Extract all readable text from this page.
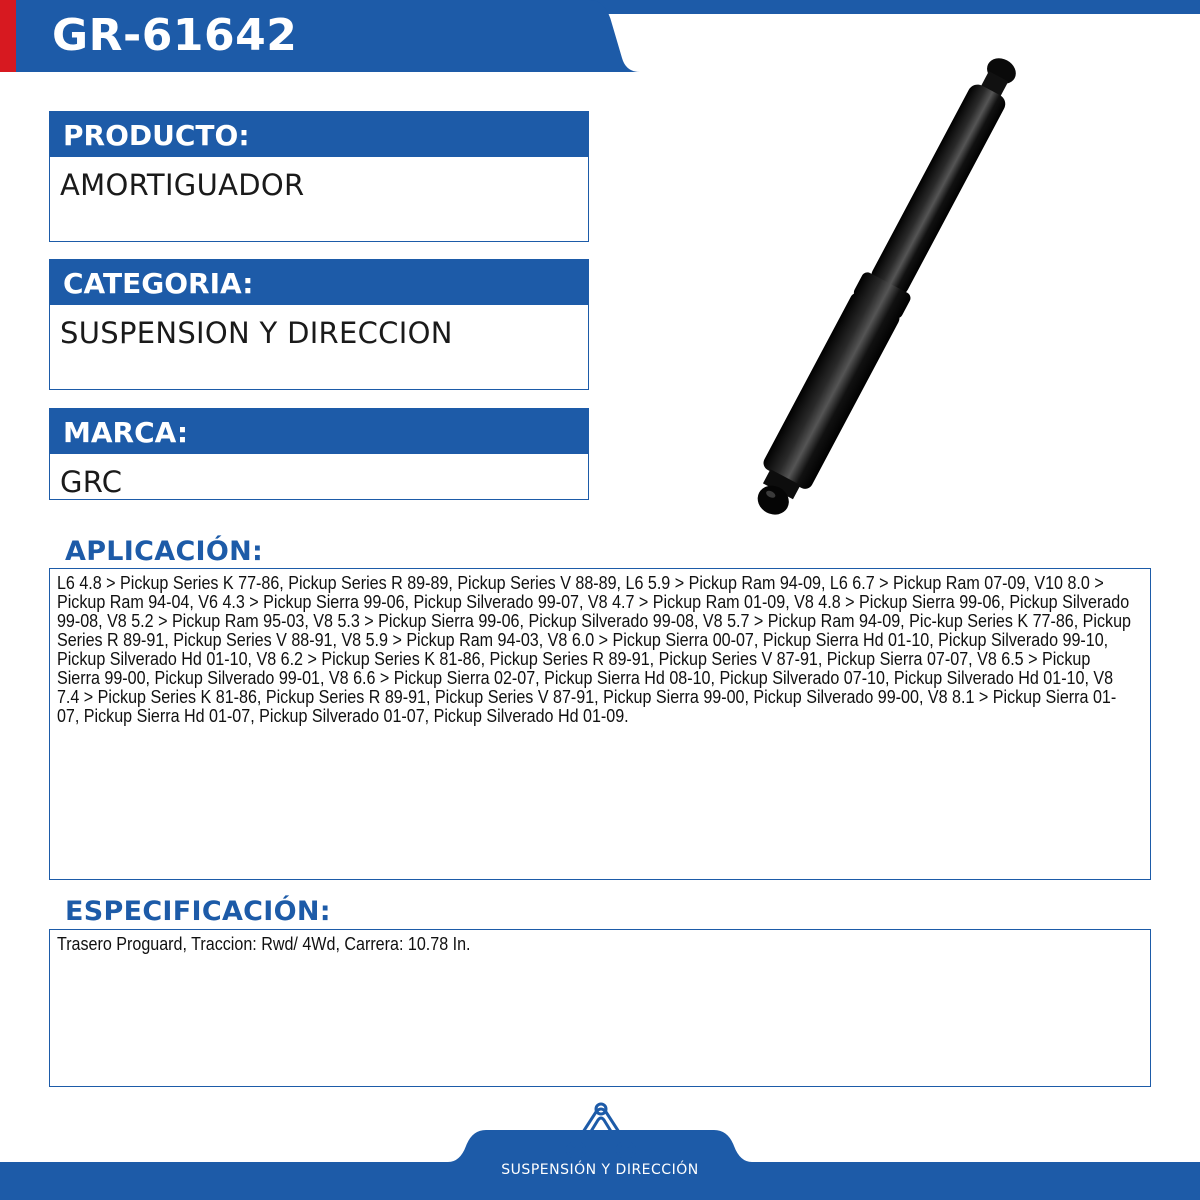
GR-61642
PRODUCTO:
AMORTIGUADOR
CATEGORIA:
SUSPENSION Y DIRECCION
MARCA:
GRC
APLICACIÓN:
L6 4.8 > Pickup Series K 77-86, Pickup Series R 89-89, Pickup Series V 88-89, L6 5.9 > Pickup Ram 94-09, L6 6.7 > Pickup Ram 07-09, V10 8.0 > Pickup Ram 94-04, V6 4.3 > Pickup Sierra 99-06, Pickup Silverado 99-07, V8 4.7 > Pickup Ram 01-09, V8 4.8 > Pickup Sierra 99-06, Pickup Silverado 99-08, V8 5.2 > Pickup Ram 95-03, V8 5.3 > Pickup Sierra 99-06, Pickup Silverado 99-08, V8 5.7 > Pickup Ram 94-09, Pic-kup Series K 77-86, Pickup Series R 89-91, Pickup Series V 88-91, V8 5.9 > Pickup Ram 94-03, V8 6.0 > Pickup Sierra 00-07, Pickup Sierra Hd 01-10, Pickup Silverado 99-10, Pickup Silverado Hd 01-10, V8 6.2 > Pickup Series K 81-86, Pickup Series R 89-91, Pickup Series V 87-91, Pickup Sierra 07-07, V8 6.5 > Pickup Sierra 99-00, Pickup Silverado 99-01, V8 6.6 > Pickup Sierra 02-07, Pickup Sierra Hd 08-10, Pickup Silverado 07-10, Pickup Silverado Hd 01-10, V8 7.4 > Pickup Series K 81-86, Pickup Series R 89-91, Pickup Series V 87-91, Pickup Sierra 99-00, Pickup Silverado 99-00, V8 8.1 > Pickup Sierra 01-07, Pickup Sierra Hd 01-07, Pickup Silverado 01-07, Pickup Silverado Hd 01-09.
ESPECIFICACIÓN:
Trasero Proguard, Traccion: Rwd/ 4Wd, Carrera: 10.78 In.
SUSPENSIÓN Y DIRECCIÓN
